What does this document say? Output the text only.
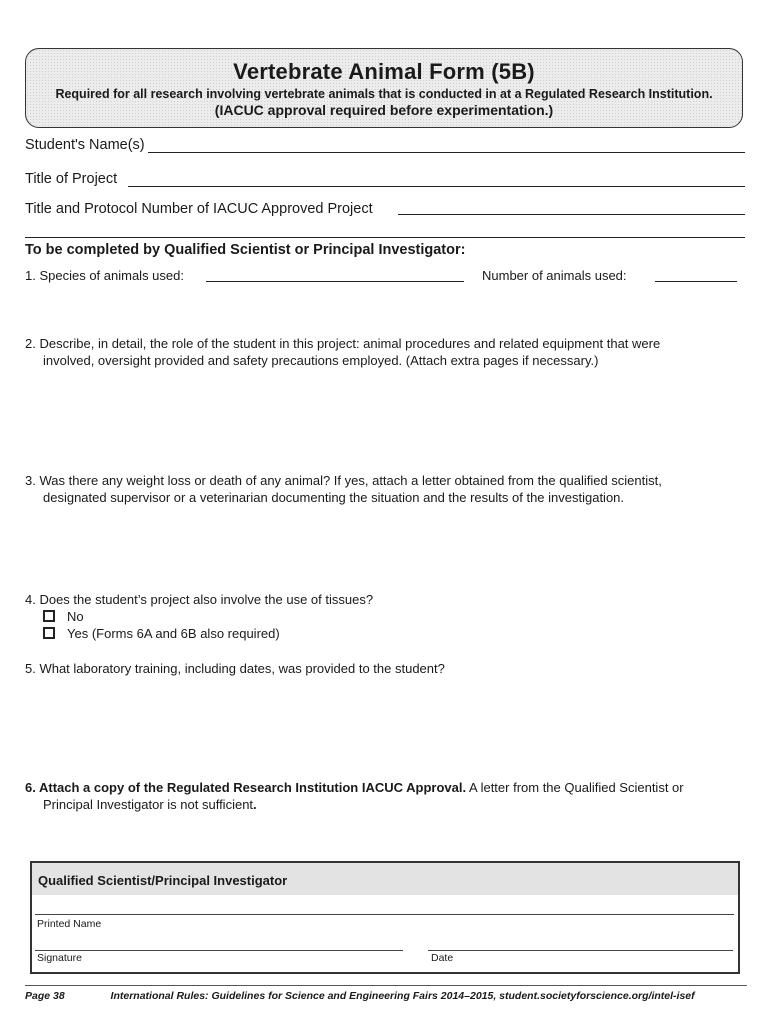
Vertebrate Animal Form (5B)
Required for all research involving vertebrate animals that is conducted in at a Regulated Research Institution.
(IACUC approval required before experimentation.)
Student's Name(s)
Title of Project
Title and Protocol Number of IACUC Approved Project
To be completed by Qualified Scientist or Principal Investigator:
1. Species of animals used:	Number of animals used:
2. Describe, in detail, the role of the student in this project: animal procedures and related equipment that were
involved, oversight provided and safety precautions employed. (Attach extra pages if necessary.)
3. Was there any weight loss or death of any animal? If yes, attach a letter obtained from the qualified scientist,
designated supervisor or a veterinarian documenting the situation and the results of the investigation.
4. Does the student’s project also involve the use of tissues?
No
Yes (Forms 6A and 6B also required)
5. What laboratory training, including dates, was provided to the student?
6. Attach a copy of the Regulated Research Institution IACUC Approval. A letter from the Qualified Scientist or
Principal Investigator is not sufficient.
Qualified Scientist/Principal Investigator
Printed Name
Signature	Date
Page 38	International Rules: Guidelines for Science and Engineering Fairs 2014–2015, student.societyforscience.org/intel-isef
